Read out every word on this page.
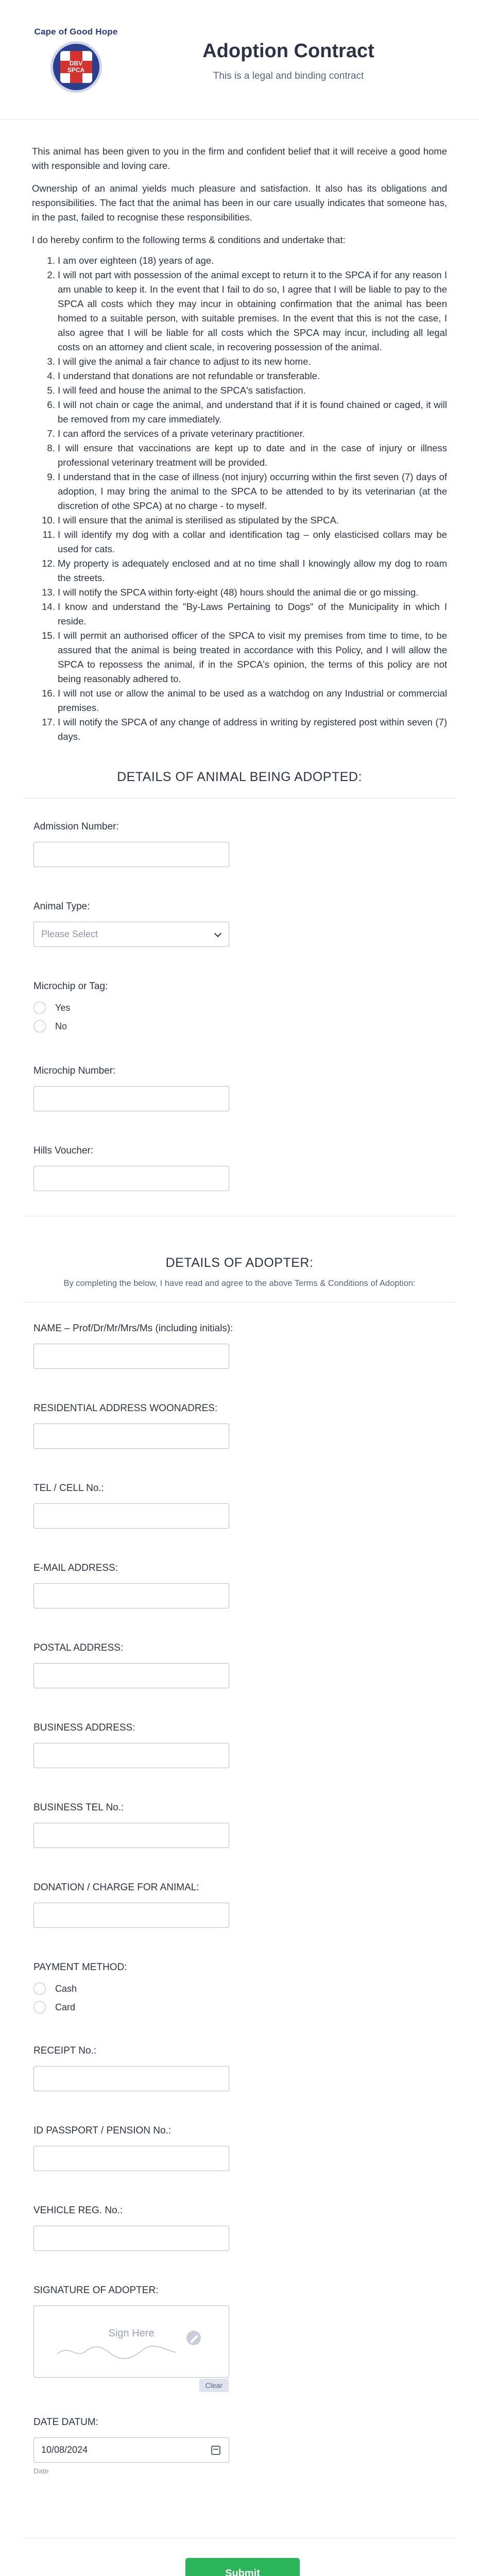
Cape of Good Hope
DBV
SPCA
Adoption Contract
This is a legal and binding contract

This animal has been given to you in the firm and confident belief that it will receive a good home with responsible and loving care.

Ownership of an animal yields much pleasure and satisfaction. It also has its obligations and responsibilities. The fact that the animal has been in our care usually indicates that someone has, in the past, failed to recognise these responsibilities.

I do hereby confirm to the following terms & conditions and undertake that:

1. I am over eighteen (18) years of age.
2. I will not part with possession of the animal except to return it to the SPCA if for any reason I am unable to keep it. In the event that I fail to do so, I agree that I will be liable to pay to the SPCA all costs which they may incur in obtaining confirmation that the animal has been homed to a suitable person, with suitable premises. In the event that this is not the case, I also agree that I will be liable for all costs which the SPCA may incur, including all legal costs on an attorney and client scale, in recovering possession of the animal.
3. I will give the animal a fair chance to adjust to its new home.
4. I understand that donations are not refundable or transferable.
5. I will feed and house the animal to the SPCA's satisfaction.
6. I will not chain or cage the animal, and understand that if it is found chained or caged, it will be removed from my care immediately.
7. I can afford the services of a private veterinary practitioner.
8. I will ensure that vaccinations are kept up to date and in the case of injury or illness professional veterinary treatment will be provided.
9. I understand that in the case of illness (not injury) occurring within the first seven (7) days of adoption, I may bring the animal to the SPCA to be attended to by its veterinarian (at the discretion of othe SPCA) at no charge - to myself.
10. I will ensure that the animal is sterilised as stipulated by the SPCA.
11. I will identify my dog with a collar and identification tag – only elasticised collars may be used for cats.
12. My property is adequately enclosed and at no time shall I knowingly allow my dog to roam the streets.
13. I will notify the SPCA within forty-eight (48) hours should the animal die or go missing.
14. I know and understand the "By-Laws Pertaining to Dogs" of the Municipality in which I reside.
15. I will permit an authorised officer of the SPCA to visit my premises from time to time, to be assured that the animal is being treated in accordance with this Policy, and I will allow the SPCA to repossess the animal, if in the SPCA's opinion, the terms of this policy are not being reasonably adhered to.
16. I will not use or allow the animal to be used as a watchdog on any Industrial or commercial premises.
17. I will notify the SPCA of any change of address in writing by registered post within seven (7) days.
DETAILS OF ANIMAL BEING ADOPTED:
Admission Number:
Animal Type:
Please Select
Microchip or Tag:
Yes
No
Microchip Number:
Hills Voucher:
DETAILS OF ADOPTER:
By completing the below, I have read and agree to the above Terms & Conditions of Adoption:
NAME – Prof/Dr/Mr/Mrs/Ms (including initials):
RESIDENTIAL ADDRESS WOONADRES:
TEL / CELL No.:
E-MAIL ADDRESS:
POSTAL ADDRESS:
BUSINESS ADDRESS:
BUSINESS TEL No.:
DONATION / CHARGE FOR ANIMAL:
PAYMENT METHOD:
Cash
Card
RECEIPT No.:
ID PASSPORT / PENSION No.:
VEHICLE REG. No.:
SIGNATURE OF ADOPTER:
Sign Here
Clear
DATE DATUM:
10/08/2024
Date
Submit
